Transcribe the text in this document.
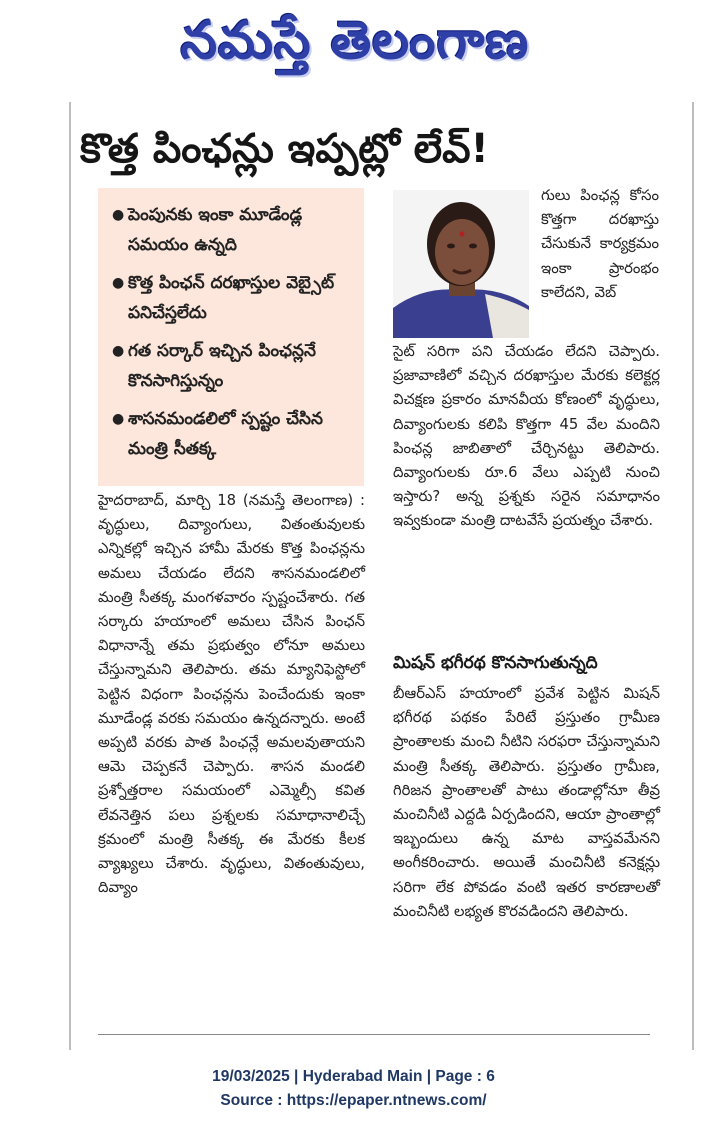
నమస్తే తెలంగాణ
కొత్త పింఛన్లు ఇప్పట్లో లేవ్!
● పెంపునకు ఇంకా మూడేండ్ల సమయం ఉన్నది
● కొత్త పింఛన్ దరఖాస్తుల వెబ్సైట్ పనిచేస్తలేదు
● గత సర్కార్ ఇచ్చిన పింఛన్లనే కొనసాగిస్తున్నం
● శాసనమండలిలో స్పష్టం చేసిన మంత్రి సీతక్క

గులు పింఛన్ల కోసం కొత్తగా దరఖాస్తు చేసుకునే కార్యక్రమం ఇంకా ప్రారంభం కాలేదని, వెబ్

సైట్ సరిగా పని చేయడం లేదని చెప్పారు. ప్రజావాణిలో వచ్చిన దరఖాస్తుల మేరకు కలెక్టర్ల విచక్షణ ప్రకారం మానవీయ కోణంలో వృద్ధులు, దివ్యాంగులకు కలిపి కొత్తగా 45 వేల మందిని పింఛన్ల జాబితాలో చేర్చినట్టు తెలిపారు. దివ్యాంగులకు రూ.6 వేలు ఎప్పటి నుంచి ఇస్తారు? అన్న ప్రశ్నకు సరైన సమాధానం ఇవ్వకుండా మంత్రి దాటవేసే ప్రయత్నం చేశారు.

హైదరాబాద్, మార్చి 18 (నమస్తే తెలంగాణ) : వృద్ధులు, దివ్యాంగులు, వితంతువులకు ఎన్నికల్లో ఇచ్చిన హామీ మేరకు కొత్త పింఛన్లను అమలు చేయడం లేదని శాసనమండలిలో మంత్రి సీతక్క మంగళవారం స్పష్టంచేశారు. గత సర్కారు హయాంలో అమలు చేసిన పింఛన్ విధానాన్నే తమ ప్రభుత్వం లోనూ అమలు చేస్తున్నామని తెలిపారు. తమ మ్యానిఫెస్టోలో పెట్టిన విధంగా పింఛన్లను పెంచేందుకు ఇంకా మూడేండ్ల వరకు సమయం ఉన్నదన్నారు. అంటే అప్పటి వరకు పాత పింఛన్లే అమలవుతాయని ఆమె చెప్పకనే చెప్పారు. శాసన మండలి ప్రశ్నోత్తరాల సమయంలో ఎమ్మెల్సీ కవిత లేవనెత్తిన పలు ప్రశ్నలకు సమాధానాలిచ్చే క్రమంలో మంత్రి సీతక్క ఈ మేరకు కీలక వ్యాఖ్యలు చేశారు. వృద్ధులు, వితంతువులు, దివ్యాం

మిషన్ భగీరథ కొనసాగుతున్నది

బీఆర్ఎస్ హయాంలో ప్రవేశ పెట్టిన మిషన్ భగీరథ పథకం పేరిటే ప్రస్తుతం గ్రామీణ ప్రాంతాలకు మంచి నీటిని సరఫరా చేస్తున్నామని మంత్రి సీతక్క తెలిపారు. ప్రస్తుతం గ్రామీణ, గిరిజన ప్రాంతాలతో పాటు తండాల్లోనూ తీవ్ర మంచినీటి ఎద్దడి ఏర్పడిందని, ఆయా ప్రాంతాల్లో ఇబ్బందులు ఉన్న మాట వాస్తవమేనని అంగీకరించారు. అయితే మంచినీటి కనెక్షన్లు సరిగా లేక పోవడం వంటి ఇతర కారణాలతో మంచినీటి లభ్యత కొరవడిందని తెలిపారు.

19/03/2025 | Hyderabad Main | Page : 6
Source : https://epaper.ntnews.com/
